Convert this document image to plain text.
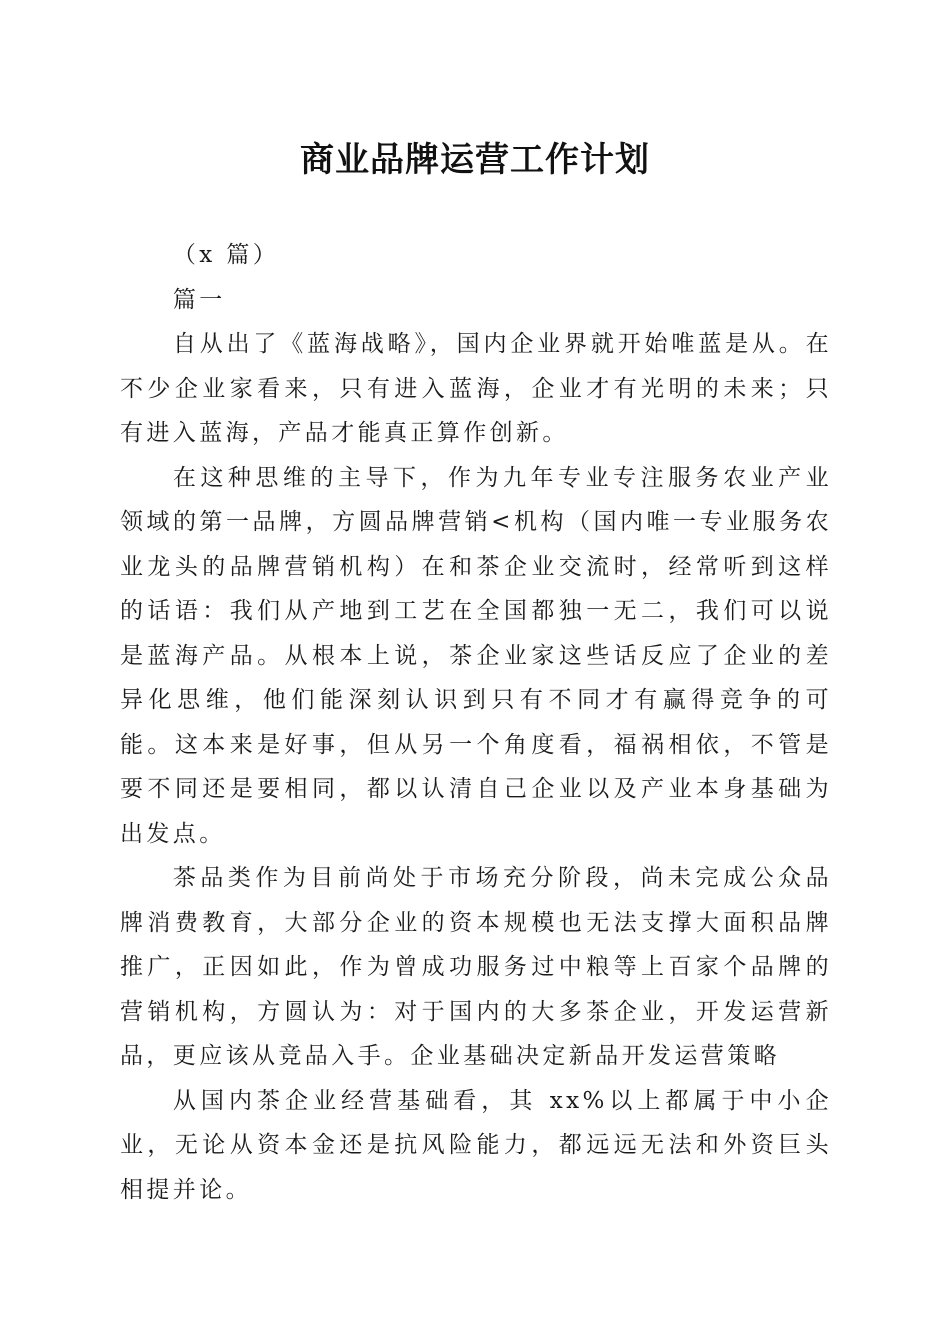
商业品牌运营工作计划

（x 篇）

篇一

自从出了《蓝海战略》，国内企业界就开始唯蓝是从。在不少企业家看来，只有进入蓝海，企业才有光明的未来；只有进入蓝海，产品才能真正算作创新。

在这种思维的主导下，作为九年专业专注服务农业产业领域的第一品牌，方圆品牌营销<机构（国内唯一专业服务农业龙头的品牌营销机构）在和茶企业交流时，经常听到这样的话语：我们从产地到工艺在全国都独一无二，我们可以说是蓝海产品。从根本上说，茶企业家这些话反应了企业的差异化思维，他们能深刻认识到只有不同才有赢得竞争的可能。这本来是好事，但从另一个角度看，福祸相依，不管是要不同还是要相同，都以认清自己企业以及产业本身基础为出发点。

茶品类作为目前尚处于市场充分阶段，尚未完成公众品牌消费教育，大部分企业的资本规模也无法支撑大面积品牌推广，正因如此，作为曾成功服务过中粮等上百家个品牌的营销机构，方圆认为：对于国内的大多茶企业，开发运营新品，更应该从竞品入手。企业基础决定新品开发运营策略

从国内茶企业经营基础看，其 xx%以上都属于中小企业，无论从资本金还是抗风险能力，都远远无法和外资巨头相提并论。
